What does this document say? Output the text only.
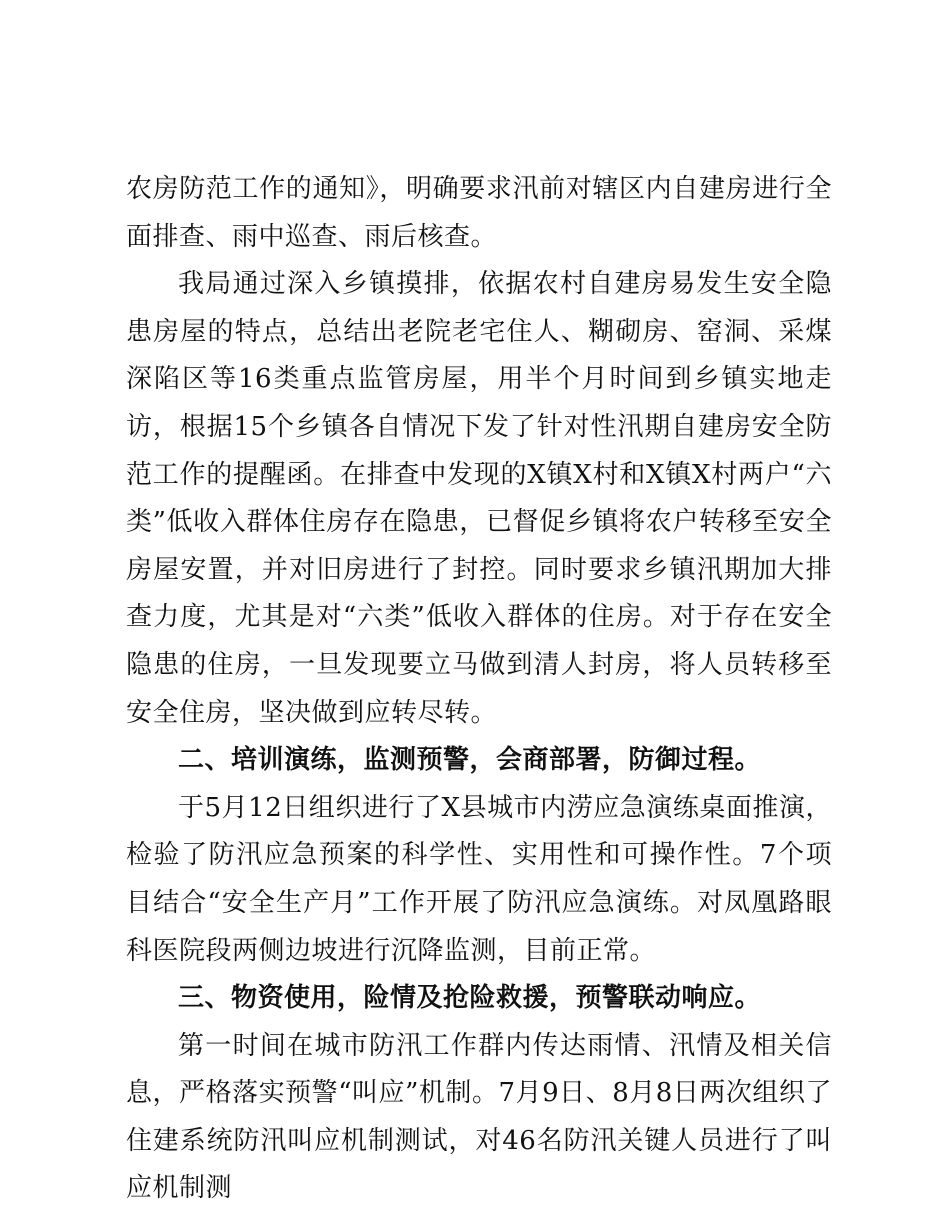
农房防范工作的通知》，明确要求汛前对辖区内自建房进行全面排查、雨中巡查、雨后核查。

我局通过深入乡镇摸排，依据农村自建房易发生安全隐患房屋的特点，总结出老院老宅住人、糊砌房、窑洞、采煤深陷区等16类重点监管房屋，用半个月时间到乡镇实地走访，根据15个乡镇各自情况下发了针对性汛期自建房安全防范工作的提醒函。在排查中发现的X镇X村和X镇X村两户“六类”低收入群体住房存在隐患，已督促乡镇将农户转移至安全房屋安置，并对旧房进行了封控。同时要求乡镇汛期加大排查力度，尤其是对“六类”低收入群体的住房。对于存在安全隐患的住房，一旦发现要立马做到清人封房，将人员转移至安全住房，坚决做到应转尽转。

二、培训演练，监测预警，会商部署，防御过程。

于5月12日组织进行了X县城市内涝应急演练桌面推演，检验了防汛应急预案的科学性、实用性和可操作性。7个项目结合“安全生产月”工作开展了防汛应急演练。对凤凰路眼科医院段两侧边坡进行沉降监测，目前正常。

三、物资使用，险情及抢险救援，预警联动响应。

第一时间在城市防汛工作群内传达雨情、汛情及相关信息，严格落实预警“叫应”机制。7月9日、8月8日两次组织了住建系统防汛叫应机制测试，对46名防汛关键人员进行了叫应机制测
